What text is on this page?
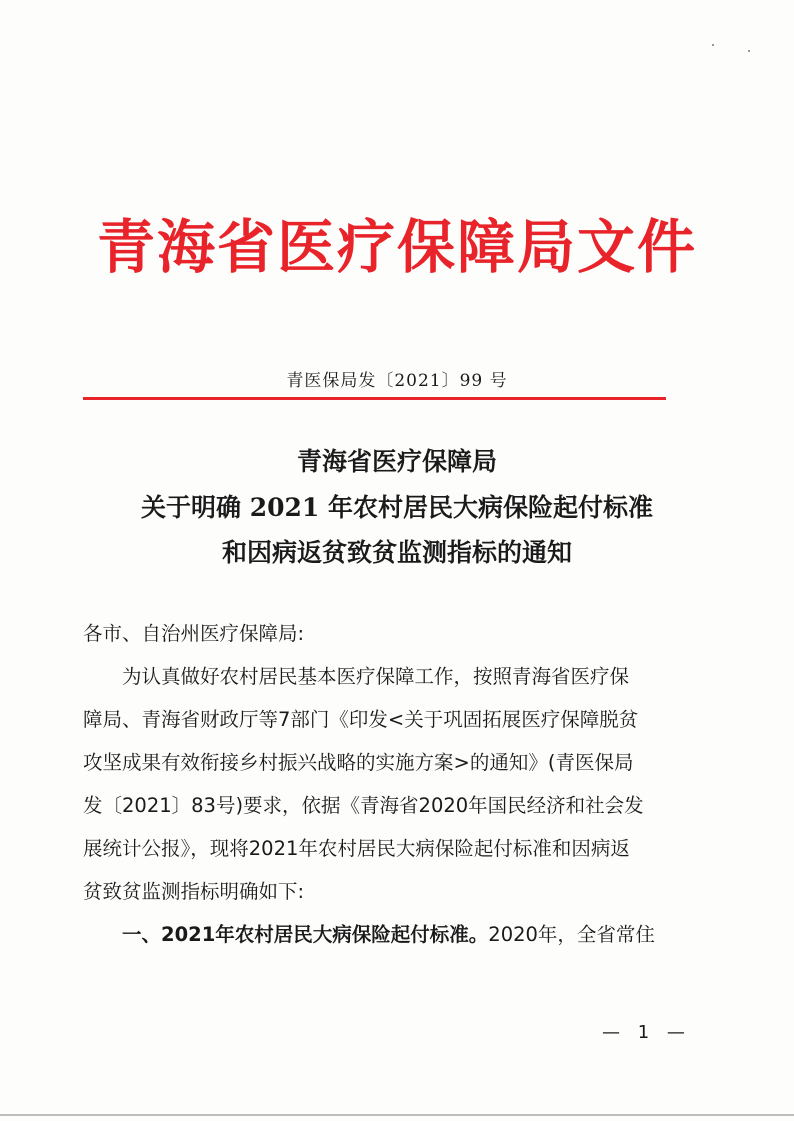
青海省医疗保障局文件
青医保局发〔2021〕99 号
青海省医疗保障局
关于明确 2021 年农村居民大病保险起付标准
和因病返贫致贫监测指标的通知
各市、自治州医疗保障局:
为认真做好农村居民基本医疗保障工作，按照青海省医疗保
障局、青海省财政厅等7部门《印发<关于巩固拓展医疗保障脱贫
攻坚成果有效衔接乡村振兴战略的实施方案>的通知》(青医保局
发〔2021〕83号)要求，依据《青海省2020年国民经济和社会发
展统计公报》，现将2021年农村居民大病保险起付标准和因病返
贫致贫监测指标明确如下:
一、2021年农村居民大病保险起付标准。2020年，全省常住
— 1 —
